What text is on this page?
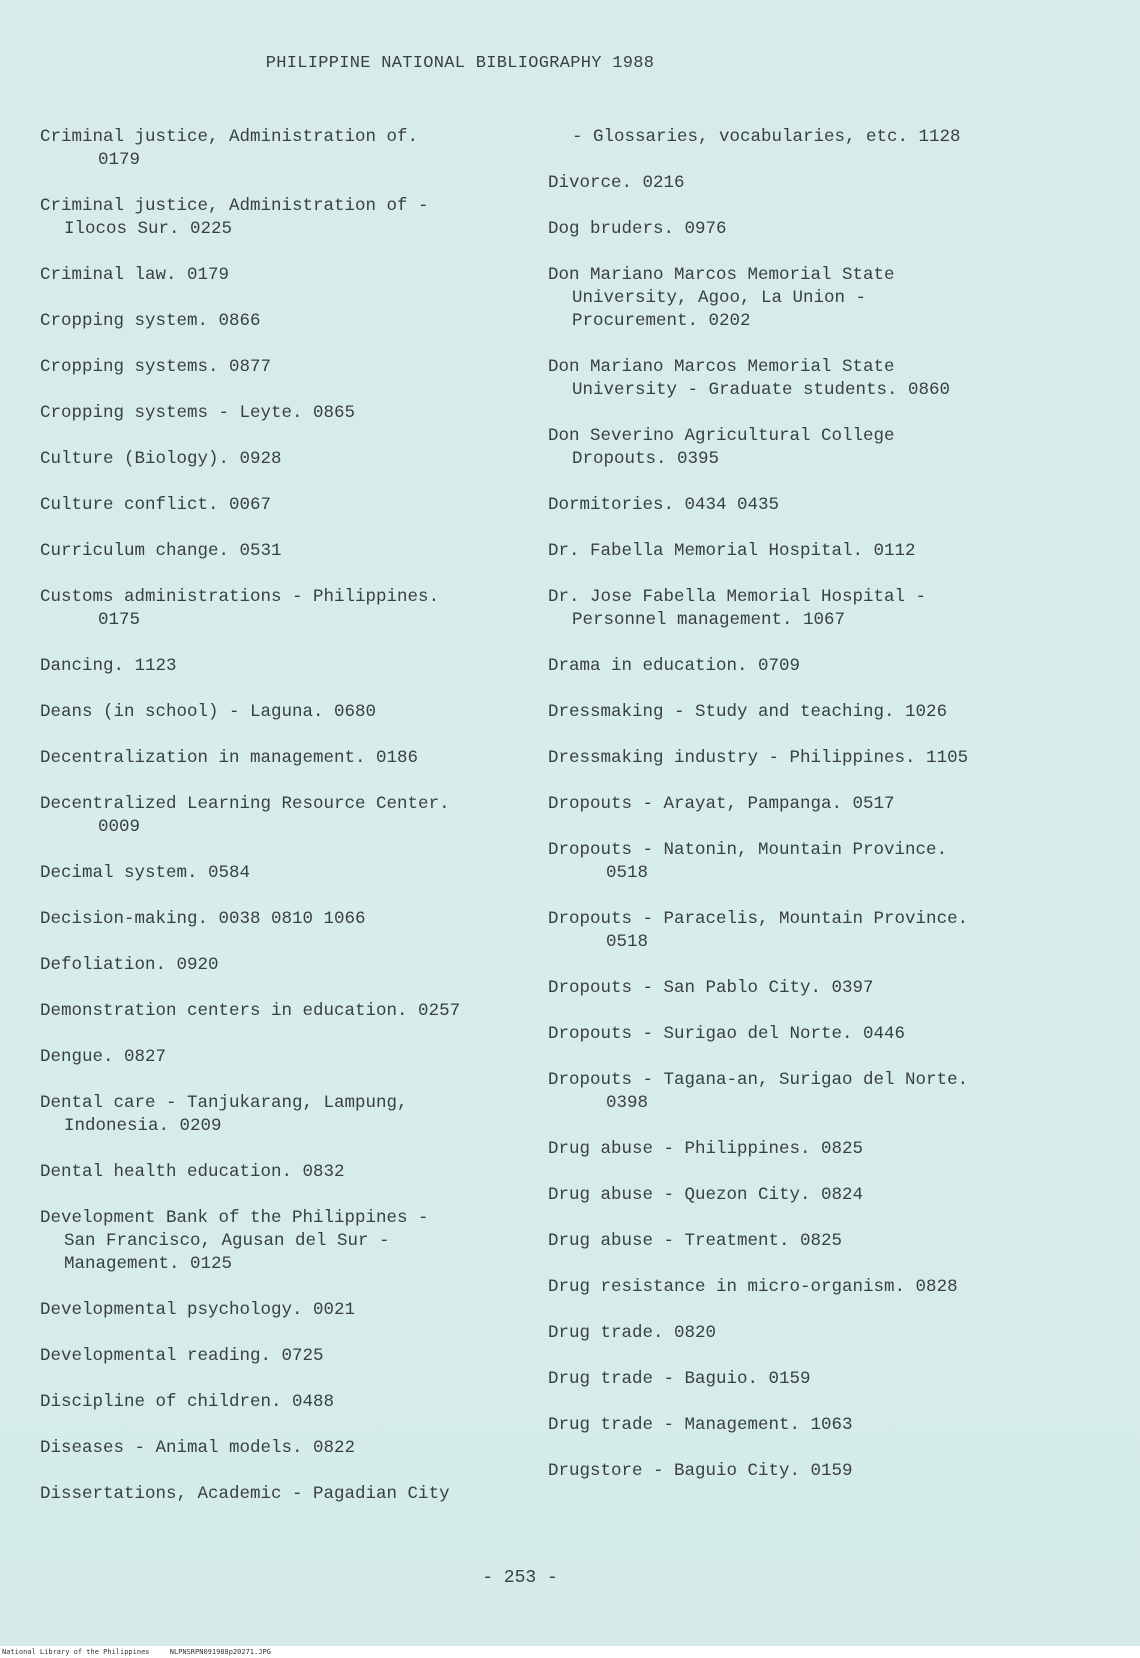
PHILIPPINE NATIONAL BIBLIOGRAPHY 1988
Criminal justice, Administration of.
0179
Criminal justice, Administration of -
Ilocos Sur. 0225
Criminal law. 0179
Cropping system. 0866
Cropping systems. 0877
Cropping systems - Leyte. 0865
Culture (Biology). 0928
Culture conflict. 0067
Curriculum change. 0531
Customs administrations - Philippines.
0175
Dancing. 1123
Deans (in school) - Laguna. 0680
Decentralization in management. 0186
Decentralized Learning Resource Center.
0009
Decimal system. 0584
Decision-making. 0038 0810 1066
Defoliation. 0920
Demonstration centers in education. 0257
Dengue. 0827
Dental care - Tanjukarang, Lampung,
Indonesia. 0209
Dental health education. 0832
Development Bank of the Philippines -
San Francisco, Agusan del Sur -
Management. 0125
Developmental psychology. 0021
Developmental reading. 0725
Discipline of children. 0488
Diseases - Animal models. 0822
Dissertations, Academic - Pagadian City
- Glossaries, vocabularies, etc. 1128
Divorce. 0216
Dog bruders. 0976
Don Mariano Marcos Memorial State
University, Agoo, La Union -
Procurement. 0202
Don Mariano Marcos Memorial State
University - Graduate students. 0860
Don Severino Agricultural College
Dropouts. 0395
Dormitories. 0434 0435
Dr. Fabella Memorial Hospital. 0112
Dr. Jose Fabella Memorial Hospital -
Personnel management. 1067
Drama in education. 0709
Dressmaking - Study and teaching. 1026
Dressmaking industry - Philippines. 1105
Dropouts - Arayat, Pampanga. 0517
Dropouts - Natonin, Mountain Province.
0518
Dropouts - Paracelis, Mountain Province.
0518
Dropouts - San Pablo City. 0397
Dropouts - Surigao del Norte. 0446
Dropouts - Tagana-an, Surigao del Norte.
0398
Drug abuse - Philippines. 0825
Drug abuse - Quezon City. 0824
Drug abuse - Treatment. 0825
Drug resistance in micro-organism. 0828
Drug trade. 0820
Drug trade - Baguio. 0159
Drug trade - Management. 1063
Drugstore - Baguio City. 0159
- 253 -
National Library of the Philippines	NLPNSRPN091988p20271.JPG
